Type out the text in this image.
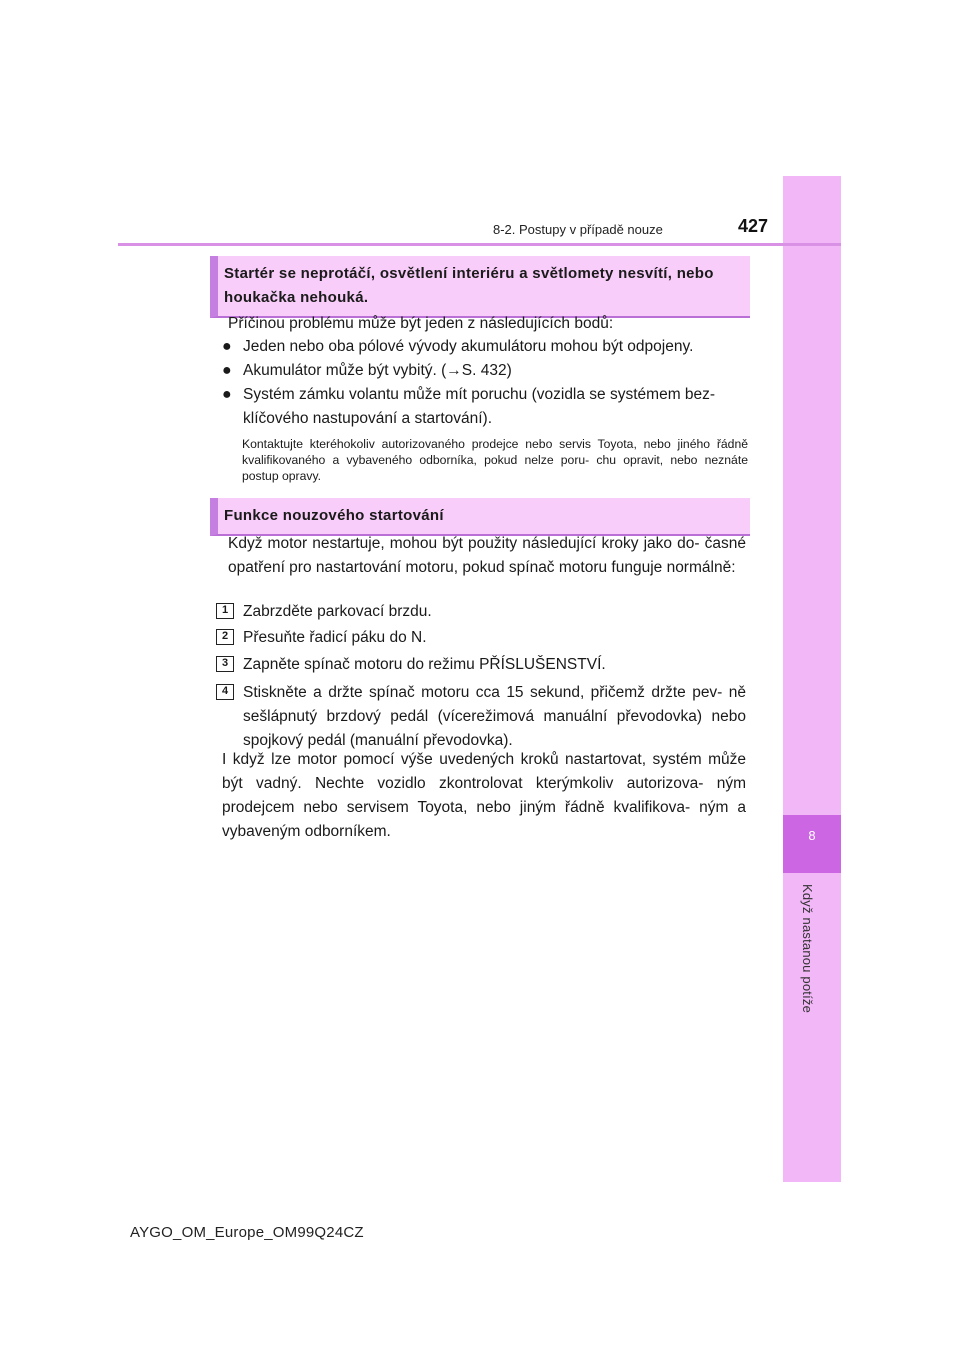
8
Když nastanou potíže
8-2. Postupy v případě nouze	427
Startér se neprotáčí, osvětlení interiéru a světlomety nesvítí, nebo
houkačka nehouká.

Příčinou problému může být jeden z následujících bodů:

● Jeden nebo oba pólové vývody akumulátoru mohou být odpojeny.

● Akumulátor může být vybitý. (→S. 432)

● Systém zámku volantu může mít poruchu (vozidla se systémem bez-

klíčového nastupování a startování).

Kontaktujte kteréhokoliv autorizovaného prodejce nebo servis Toyota, nebo jiného řádně kvalifikovaného a vybaveného odborníka, pokud nelze poru- chu opravit, nebo neznáte postup opravy.

Funkce nouzového startování

Když motor nestartuje, mohou být použity následující kroky jako do- časné opatření pro nastartování motoru, pokud spínač motoru funguje normálně:

1 Zabrzděte parkovací brzdu.

2 Přesuňte řadicí páku do N.

3 Zapněte spínač motoru do režimu PŘÍSLUŠENSTVÍ.

4 Stiskněte a držte spínač motoru cca 15 sekund, přičemž držte pev- ně sešlápnutý brzdový pedál (vícerežimová manuální převodovka) nebo spojkový pedál (manuální převodovka).

I když lze motor pomocí výše uvedených kroků nastartovat, systém může být vadný. Nechte vozidlo zkontrolovat kterýmkoliv autorizova- ným prodejcem nebo servisem Toyota, nebo jiným řádně kvalifikova- ným a vybaveným odborníkem.

AYGO_OM_Europe_OM99Q24CZ
